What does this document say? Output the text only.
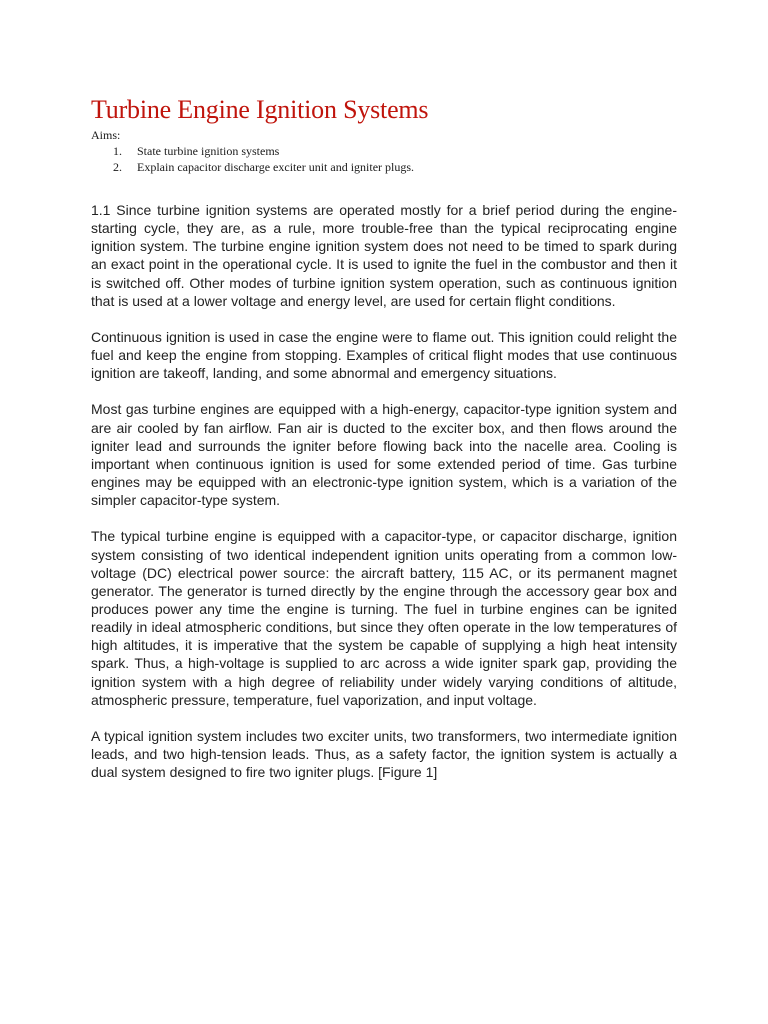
Turbine Engine Ignition Systems
Aims:
1.	State turbine ignition systems
2.	Explain capacitor discharge exciter unit and igniter plugs.

1.1 Since turbine ignition systems are operated mostly for a brief period during the engine-starting cycle, they are, as a rule, more trouble-free than the typical reciprocating engine ignition system. The turbine engine ignition system does not need to be timed to spark during an exact point in the operational cycle. It is used to ignite the fuel in the combustor and then it is switched off. Other modes of turbine ignition system operation, such as continuous ignition that is used at a lower voltage and energy level, are used for certain flight conditions.

Continuous ignition is used in case the engine were to flame out. This ignition could relight the fuel and keep the engine from stopping. Examples of critical flight modes that use continuous ignition are takeoff, landing, and some abnormal and emergency situations.

Most gas turbine engines are equipped with a high-energy, capacitor-type ignition system and are air cooled by fan airflow. Fan air is ducted to the exciter box, and then flows around the igniter lead and surrounds the igniter before flowing back into the nacelle area. Cooling is important when continuous ignition is used for some extended period of time. Gas turbine engines may be equipped with an electronic-type ignition system, which is a variation of the simpler capacitor-type system.

The typical turbine engine is equipped with a capacitor-type, or capacitor discharge, ignition system consisting of two identical independent ignition units operating from a common low-voltage (DC) electrical power source: the aircraft battery, 115 AC, or its permanent magnet generator. The generator is turned directly by the engine through the accessory gear box and produces power any time the engine is turning. The fuel in turbine engines can be ignited readily in ideal atmospheric conditions, but since they often operate in the low temperatures of high altitudes, it is imperative that the system be capable of supplying a high heat intensity spark. Thus, a high-voltage is supplied to arc across a wide igniter spark gap, providing the ignition system with a high degree of reliability under widely varying conditions of altitude, atmospheric pressure, temperature, fuel vaporization, and input voltage.

A typical ignition system includes two exciter units, two transformers, two intermediate ignition leads, and two high-tension leads. Thus, as a safety factor, the ignition system is actually a dual system designed to fire two igniter plugs. [Figure 1]
